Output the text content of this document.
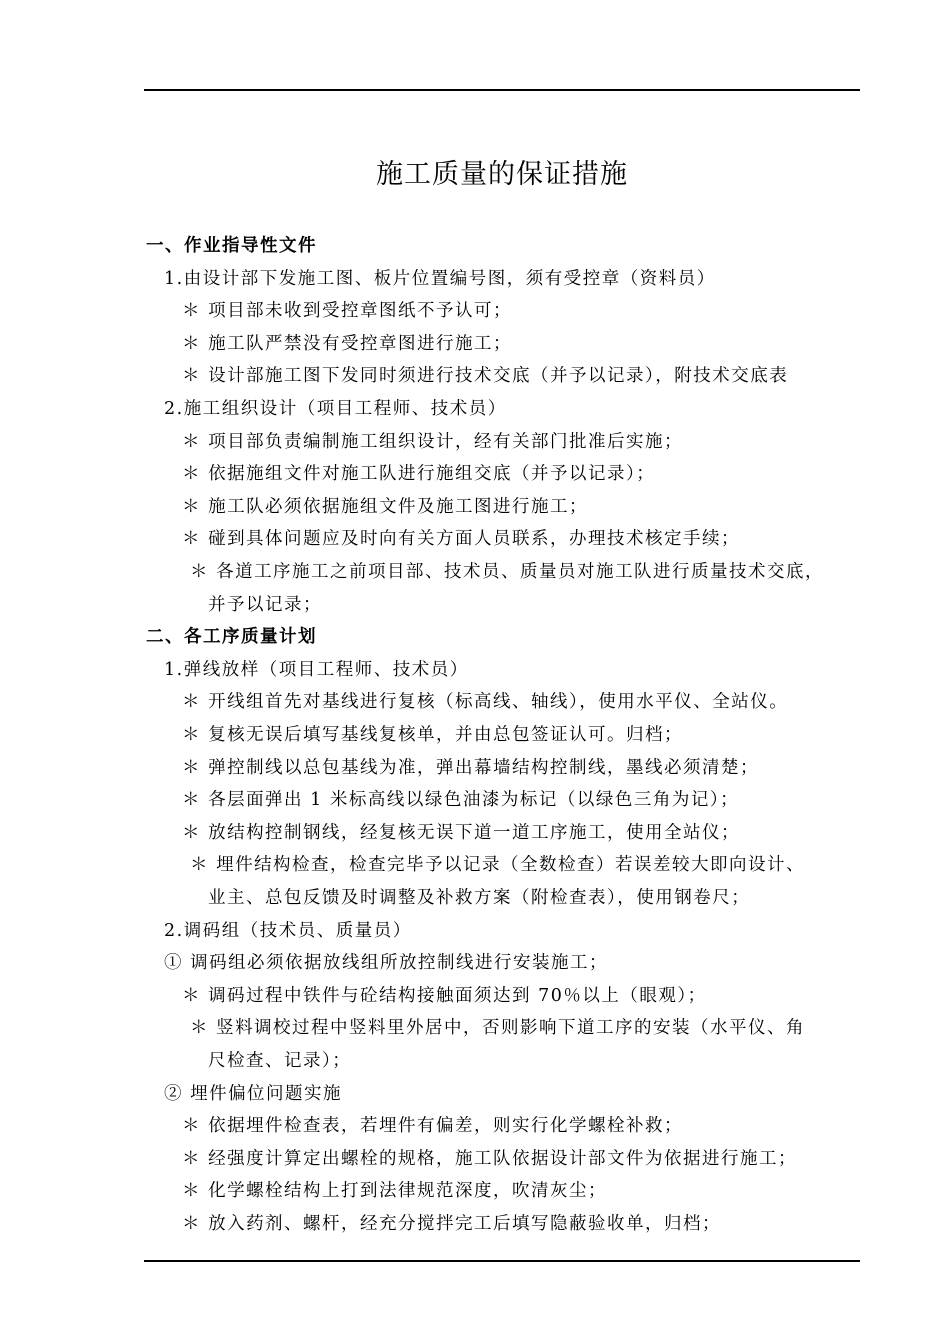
施工质量的保证措施
一、作业指导性文件
1.由设计部下发施工图、板片位置编号图，须有受控章（资料员）
＊ 项目部未收到受控章图纸不予认可；
＊ 施工队严禁没有受控章图进行施工；
＊ 设计部施工图下发同时须进行技术交底（并予以记录），附技术交底表
2.施工组织设计（项目工程师、技术员）
＊ 项目部负责编制施工组织设计，经有关部门批准后实施；
＊ 依据施组文件对施工队进行施组交底（并予以记录）；
＊ 施工队必须依据施组文件及施工图进行施工；
＊ 碰到具体问题应及时向有关方面人员联系，办理技术核定手续；
＊ 各道工序施工之前项目部、技术员、质量员对施工队进行质量技术交底，
并予以记录；
二、各工序质量计划
1.弹线放样（项目工程师、技术员）
＊ 开线组首先对基线进行复核（标高线、轴线），使用水平仪、全站仪。
＊ 复核无误后填写基线复核单，并由总包签证认可。归档；
＊ 弹控制线以总包基线为准，弹出幕墙结构控制线，墨线必须清楚；
＊ 各层面弹出 1 米标高线以绿色油漆为标记（以绿色三角为记）；
＊ 放结构控制钢线，经复核无误下道一道工序施工，使用全站仪；
＊ 埋件结构检查，检查完毕予以记录（全数检查）若误差较大即向设计、
业主、总包反馈及时调整及补救方案（附检查表），使用钢卷尺；
2.调码组（技术员、质量员）
① 调码组必须依据放线组所放控制线进行安装施工；
＊ 调码过程中铁件与砼结构接触面须达到 70％以上（眼观）；
＊ 竖料调校过程中竖料里外居中，否则影响下道工序的安装（水平仪、角
尺检查、记录）；
② 埋件偏位问题实施
＊ 依据埋件检查表，若埋件有偏差，则实行化学螺栓补救；
＊ 经强度计算定出螺栓的规格，施工队依据设计部文件为依据进行施工；
＊ 化学螺栓结构上打到法律规范深度，吹清灰尘；
＊ 放入药剂、螺杆，经充分搅拌完工后填写隐蔽验收单，归档；
